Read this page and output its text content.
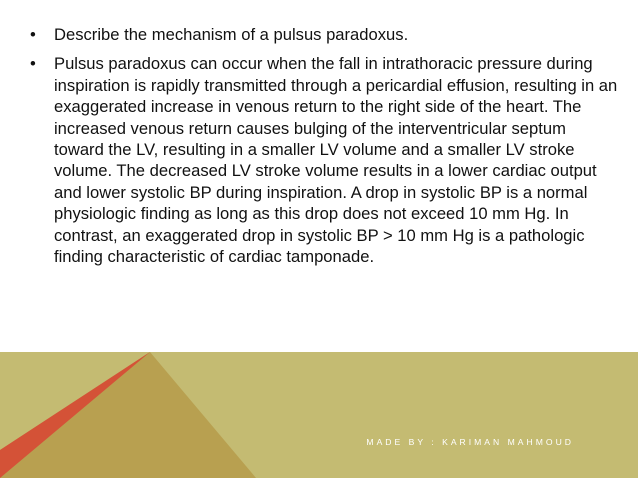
• Describe the mechanism of a pulsus paradoxus.
• Pulsus paradoxus can occur when the fall in intrathoracic pressure during inspiration is rapidly transmitted through a pericardial effusion, resulting in an exaggerated increase in venous return to the right side of the heart. The increased venous return causes bulging of the interventricular septum toward the LV, resulting in a smaller LV volume and a smaller LV stroke volume. The decreased LV stroke volume results in a lower cardiac output and lower systolic BP during inspiration. A drop in systolic BP is a normal physiologic finding as long as this drop does not exceed 10 mm Hg. In contrast, an exaggerated drop in systolic BP > 10 mm Hg is a pathologic finding characteristic of cardiac tamponade.
MADE BY : KARIMAN MAHMOUD
